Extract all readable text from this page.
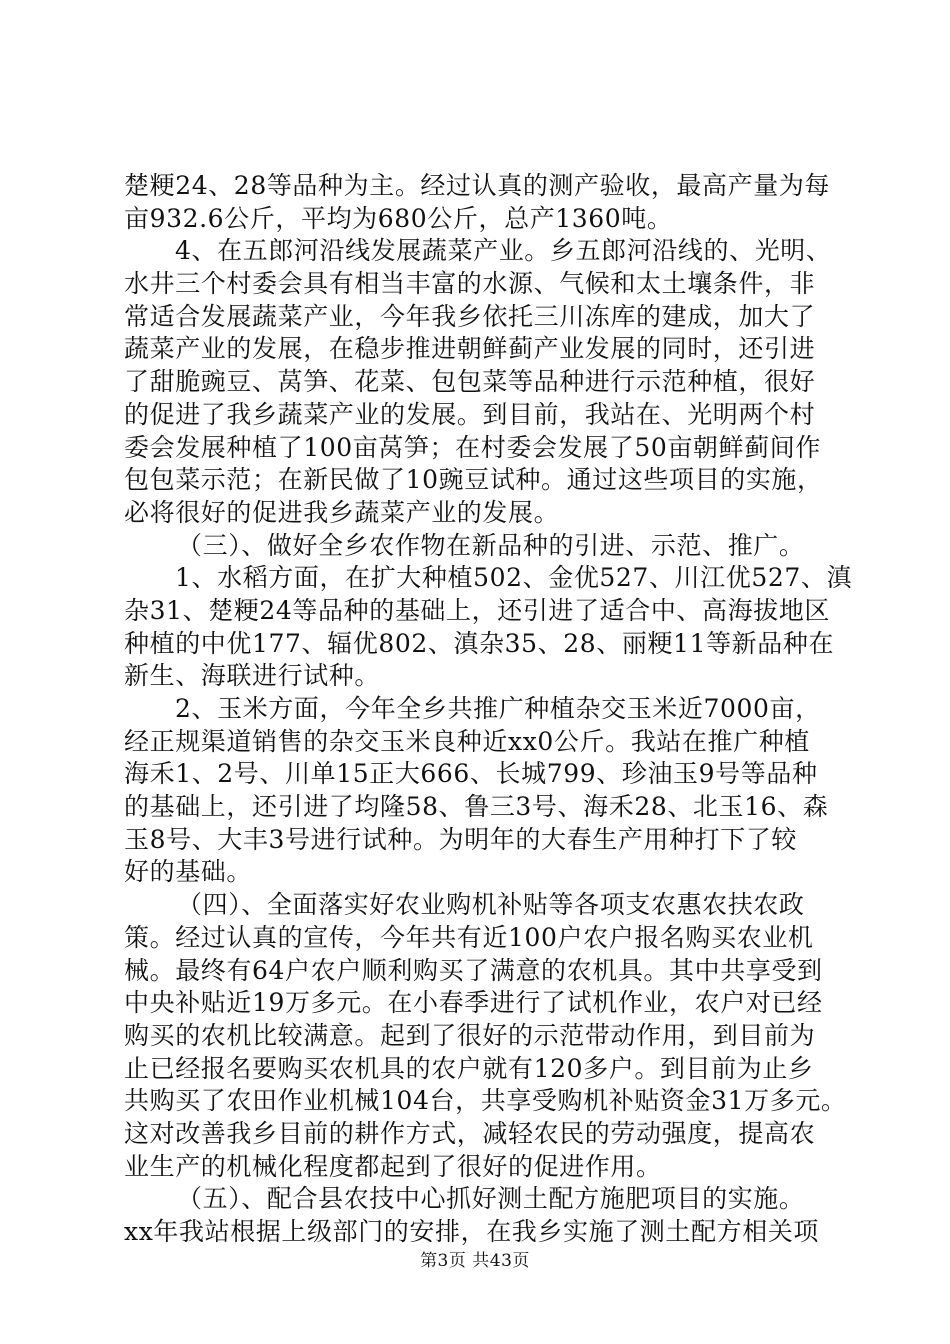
楚粳24、28等品种为主。经过认真的测产验收，最高产量为每
亩932.6公斤，平均为680公斤，总产1360吨。
4、在五郎河沿线发展蔬菜产业。乡五郎河沿线的、光明、
水井三个村委会具有相当丰富的水源、气候和太土壤条件，非
常适合发展蔬菜产业，今年我乡依托三川冻库的建成，加大了
蔬菜产业的发展，在稳步推进朝鲜蓟产业发展的同时，还引进
了甜脆豌豆、莴笋、花菜、包包菜等品种进行示范种植，很好
的促进了我乡蔬菜产业的发展。到目前，我站在、光明两个村
委会发展种植了100亩莴笋；在村委会发展了50亩朝鲜蓟间作
包包菜示范；在新民做了10豌豆试种。通过这些项目的实施，
必将很好的促进我乡蔬菜产业的发展。
（三）、做好全乡农作物在新品种的引进、示范、推广。
1、水稻方面，在扩大种植502、金优527、川江优527、滇
杂31、楚粳24等品种的基础上，还引进了适合中、高海拔地区
种植的中优177、辐优802、滇杂35、28、丽粳11等新品种在
新生、海联进行试种。
2、玉米方面，今年全乡共推广种植杂交玉米近7000亩，
经正规渠道销售的杂交玉米良种近xx0公斤。我站在推广种植
海禾1、2号、川单15正大666、长城799、珍油玉9号等品种
的基础上，还引进了均隆58、鲁三3号、海禾28、北玉16、森
玉8号、大丰3号进行试种。为明年的大春生产用种打下了较
好的基础。
（四）、全面落实好农业购机补贴等各项支农惠农扶农政
策。经过认真的宣传，今年共有近100户农户报名购买农业机
械。最终有64户农户顺利购买了满意的农机具。其中共享受到
中央补贴近19万多元。在小春季进行了试机作业，农户对已经
购买的农机比较满意。起到了很好的示范带动作用，到目前为
止已经报名要购买农机具的农户就有120多户。到目前为止乡
共购买了农田作业机械104台，共享受购机补贴资金31万多元。
这对改善我乡目前的耕作方式，减轻农民的劳动强度，提高农
业生产的机械化程度都起到了很好的促进作用。
（五）、配合县农技中心抓好测土配方施肥项目的实施。
xx年我站根据上级部门的安排，在我乡实施了测土配方相关项
第3页 共43页
